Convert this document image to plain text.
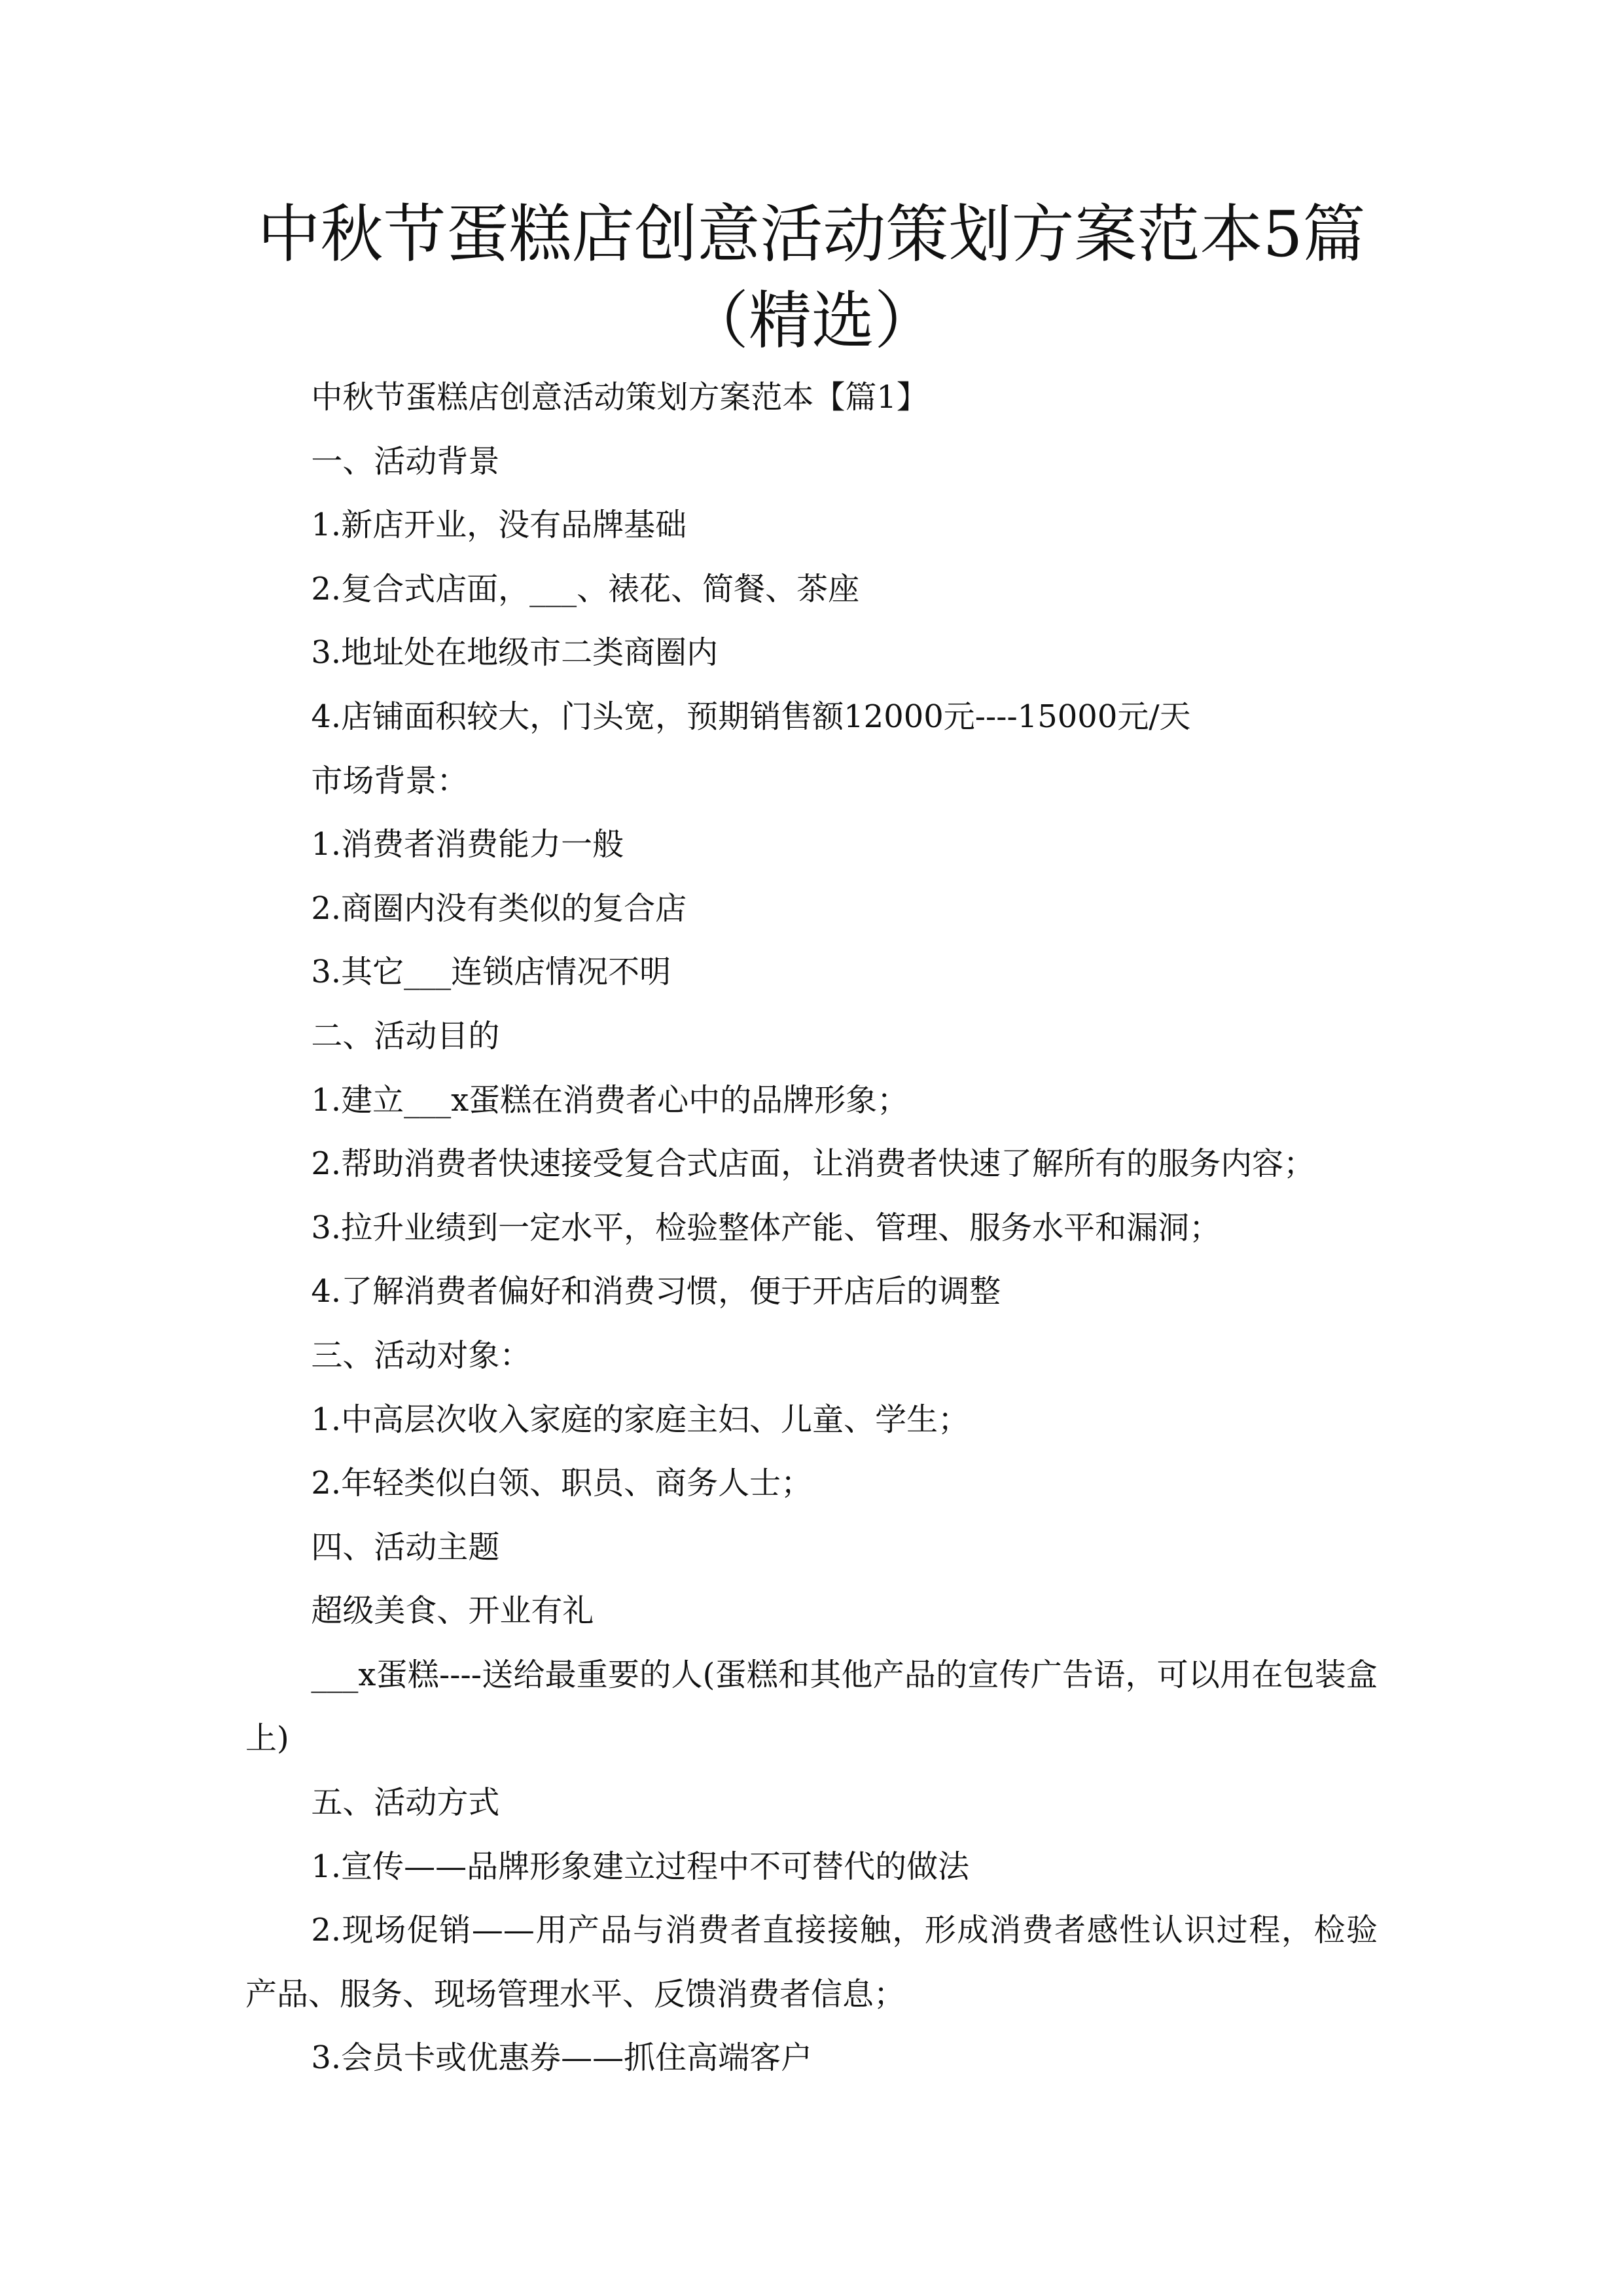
中秋节蛋糕店创意活动策划方案范本5篇
（精选）

中秋节蛋糕店创意活动策划方案范本【篇1】

一、活动背景

1.新店开业，没有品牌基础

2.复合式店面，___、裱花、简餐、茶座

3.地址处在地级市二类商圈内

4.店铺面积较大，门头宽，预期销售额12000元----15000元/天

市场背景：

1.消费者消费能力一般

2.商圈内没有类似的复合店

3.其它___连锁店情况不明

二、活动目的

1.建立___x蛋糕在消费者心中的品牌形象；

2.帮助消费者快速接受复合式店面，让消费者快速了解所有的服务内容；

3.拉升业绩到一定水平，检验整体产能、管理、服务水平和漏洞；

4.了解消费者偏好和消费习惯，便于开店后的调整

三、活动对象：

1.中高层次收入家庭的家庭主妇、儿童、学生；

2.年轻类似白领、职员、商务人士；

四、活动主题

超级美食、开业有礼

___x蛋糕----送给最重要的人(蛋糕和其他产品的宣传广告语，可以用在包装盒上)

五、活动方式

1.宣传——品牌形象建立过程中不可替代的做法

2.现场促销——用产品与消费者直接接触，形成消费者感性认识过程，检验产品、服务、现场管理水平、反馈消费者信息；

3.会员卡或优惠券——抓住高端客户
